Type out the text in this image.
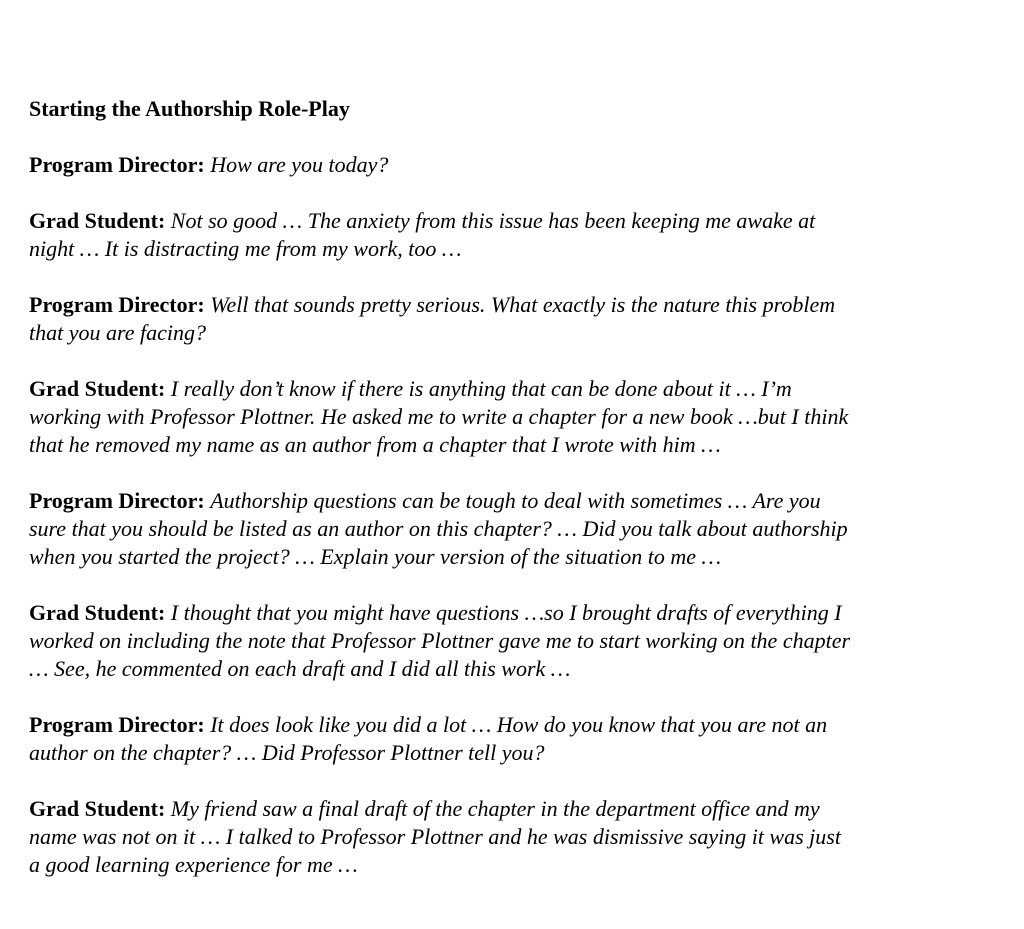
Starting the Authorship Role-Play
Program Director: How are you today?
Grad Student: Not so good … The anxiety from this issue has been keeping me awake at
night … It is distracting me from my work, too …
Program Director: Well that sounds pretty serious. What exactly is the nature this problem
that you are facing?
Grad Student: I really don’t know if there is anything that can be done about it … I’m
working with Professor Plottner. He asked me to write a chapter for a new book …but I think
that he removed my name as an author from a chapter that I wrote with him …
Program Director: Authorship questions can be tough to deal with sometimes … Are you
sure that you should be listed as an author on this chapter? … Did you talk about authorship
when you started the project? … Explain your version of the situation to me …
Grad Student: I thought that you might have questions …so I brought drafts of everything I
worked on including the note that Professor Plottner gave me to start working on the chapter
… See, he commented on each draft and I did all this work …
Program Director: It does look like you did a lot … How do you know that you are not an
author on the chapter? … Did Professor Plottner tell you?
Grad Student: My friend saw a final draft of the chapter in the department office and my
name was not on it … I talked to Professor Plottner and he was dismissive saying it was just
a good learning experience for me …
